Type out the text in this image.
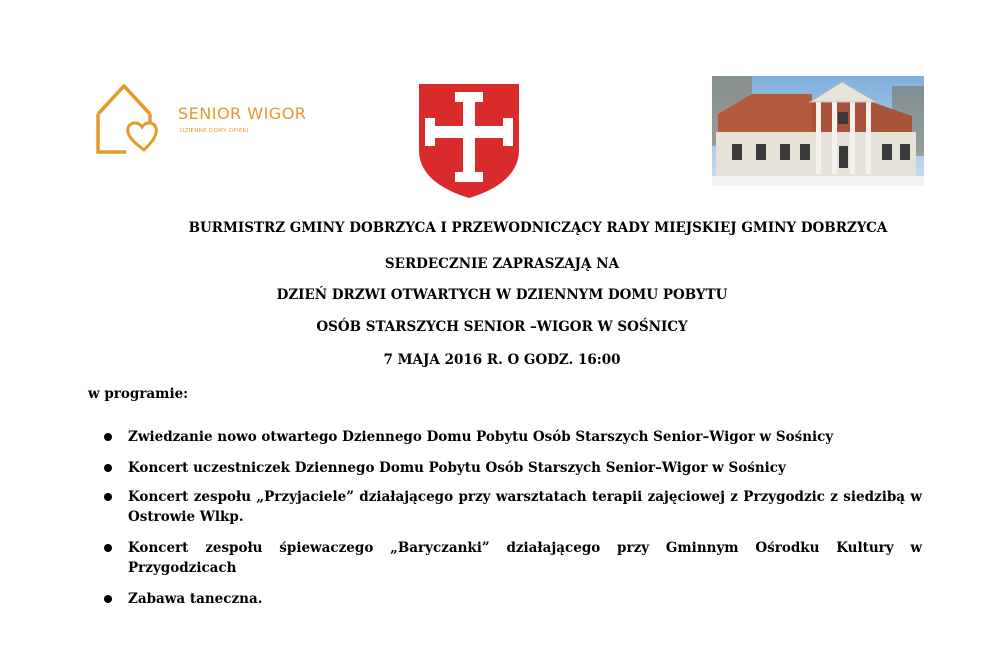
SENIOR WIGOR
DZIENNE DOMY OPIEKI
BURMISTRZ GMINY DOBRZYCA I PRZEWODNICZĄCY RADY MIEJSKIEJ GMINY DOBRZYCA
SERDECZNIE ZAPRASZAJĄ NA
DZIEŃ DRZWI OTWARTYCH W DZIENNYM DOMU POBYTU
OSÓB STARSZYCH SENIOR –WIGOR W SOŚNICY
7 MAJA 2016 R. O GODZ. 16:00
w programie:
Zwiedzanie nowo otwartego Dziennego Domu Pobytu Osób Starszych Senior–Wigor w Sośnicy
Koncert uczestniczek Dziennego Domu Pobytu Osób Starszych Senior–Wigor w Sośnicy
Koncert zespołu „Przyjaciele” działającego przy warsztatach terapii zajęciowej z Przygodzic z siedzibą w Ostrowie Wlkp.
Koncert zespołu śpiewaczego „Baryczanki” działającego przy Gminnym Ośrodku Kultury w Przygodzicach
Zabawa taneczna.
